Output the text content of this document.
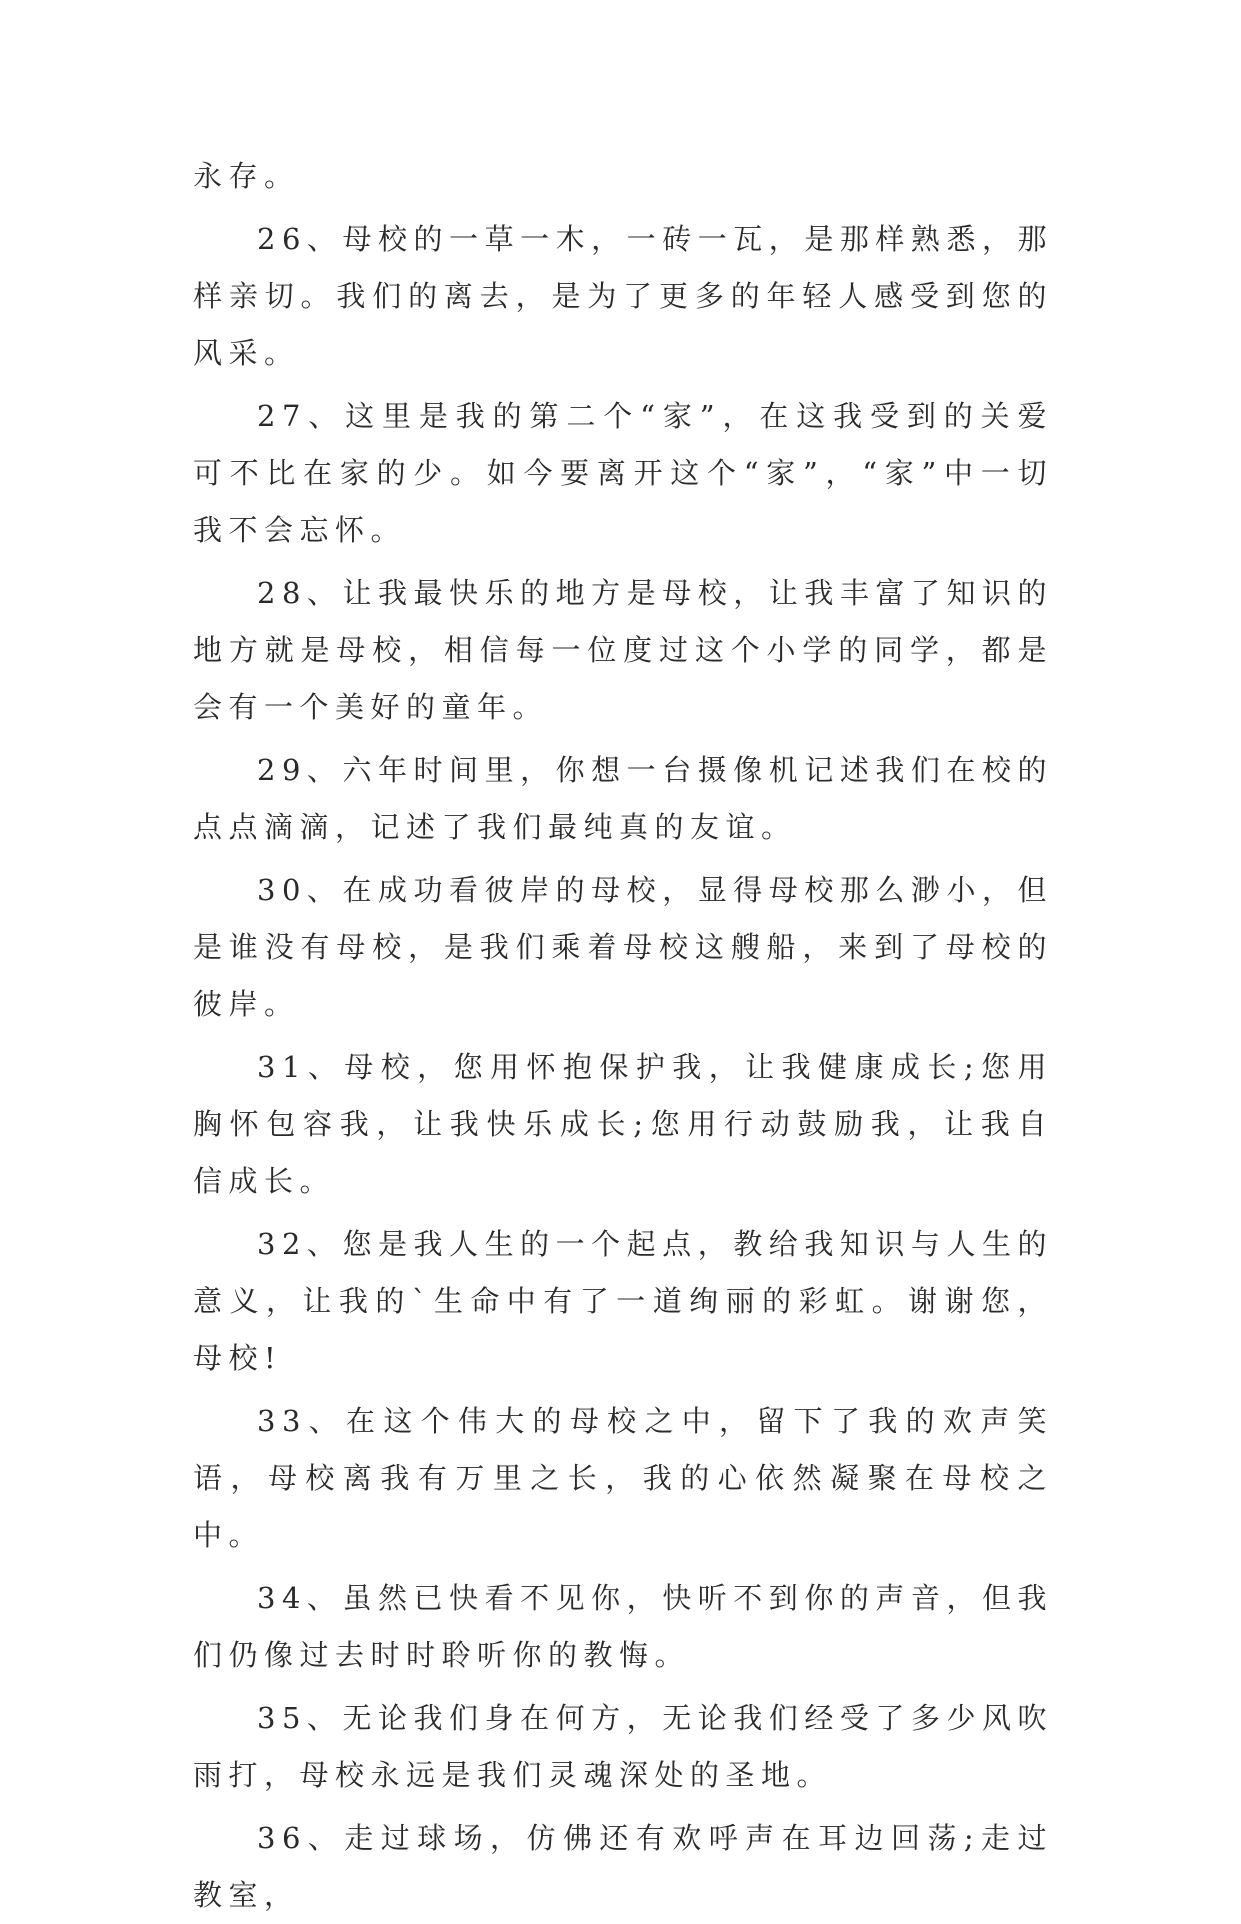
永存。

26、母校的一草一木，一砖一瓦，是那样熟悉，那样亲切。我们的离去，是为了更多的年轻人感受到您的风采。

27、这里是我的第二个“家”，在这我受到的关爱可不比在家的少。如今要离开这个“家”，“家”中一切我不会忘怀。

28、让我最快乐的地方是母校，让我丰富了知识的地方就是母校，相信每一位度过这个小学的同学，都是会有一个美好的童年。

29、六年时间里，你想一台摄像机记述我们在校的点点滴滴，记述了我们最纯真的友谊。

30、在成功看彼岸的母校，显得母校那么渺小，但是谁没有母校，是我们乘着母校这艘船，来到了母校的彼岸。

31、母校，您用怀抱保护我，让我健康成长;您用胸怀包容我，让我快乐成长;您用行动鼓励我，让我自信成长。

32、您是我人生的一个起点，教给我知识与人生的意义，让我的`生命中有了一道绚丽的彩虹。谢谢您，母校!

33、在这个伟大的母校之中，留下了我的欢声笑语，母校离我有万里之长，我的心依然凝聚在母校之中。

34、虽然已快看不见你，快听不到你的声音，但我们仍像过去时时聆听你的教悔。

35、无论我们身在何方，无论我们经受了多少风吹雨打，母校永远是我们灵魂深处的圣地。

36、走过球场，仿佛还有欢呼声在耳边回荡;走过教室，
